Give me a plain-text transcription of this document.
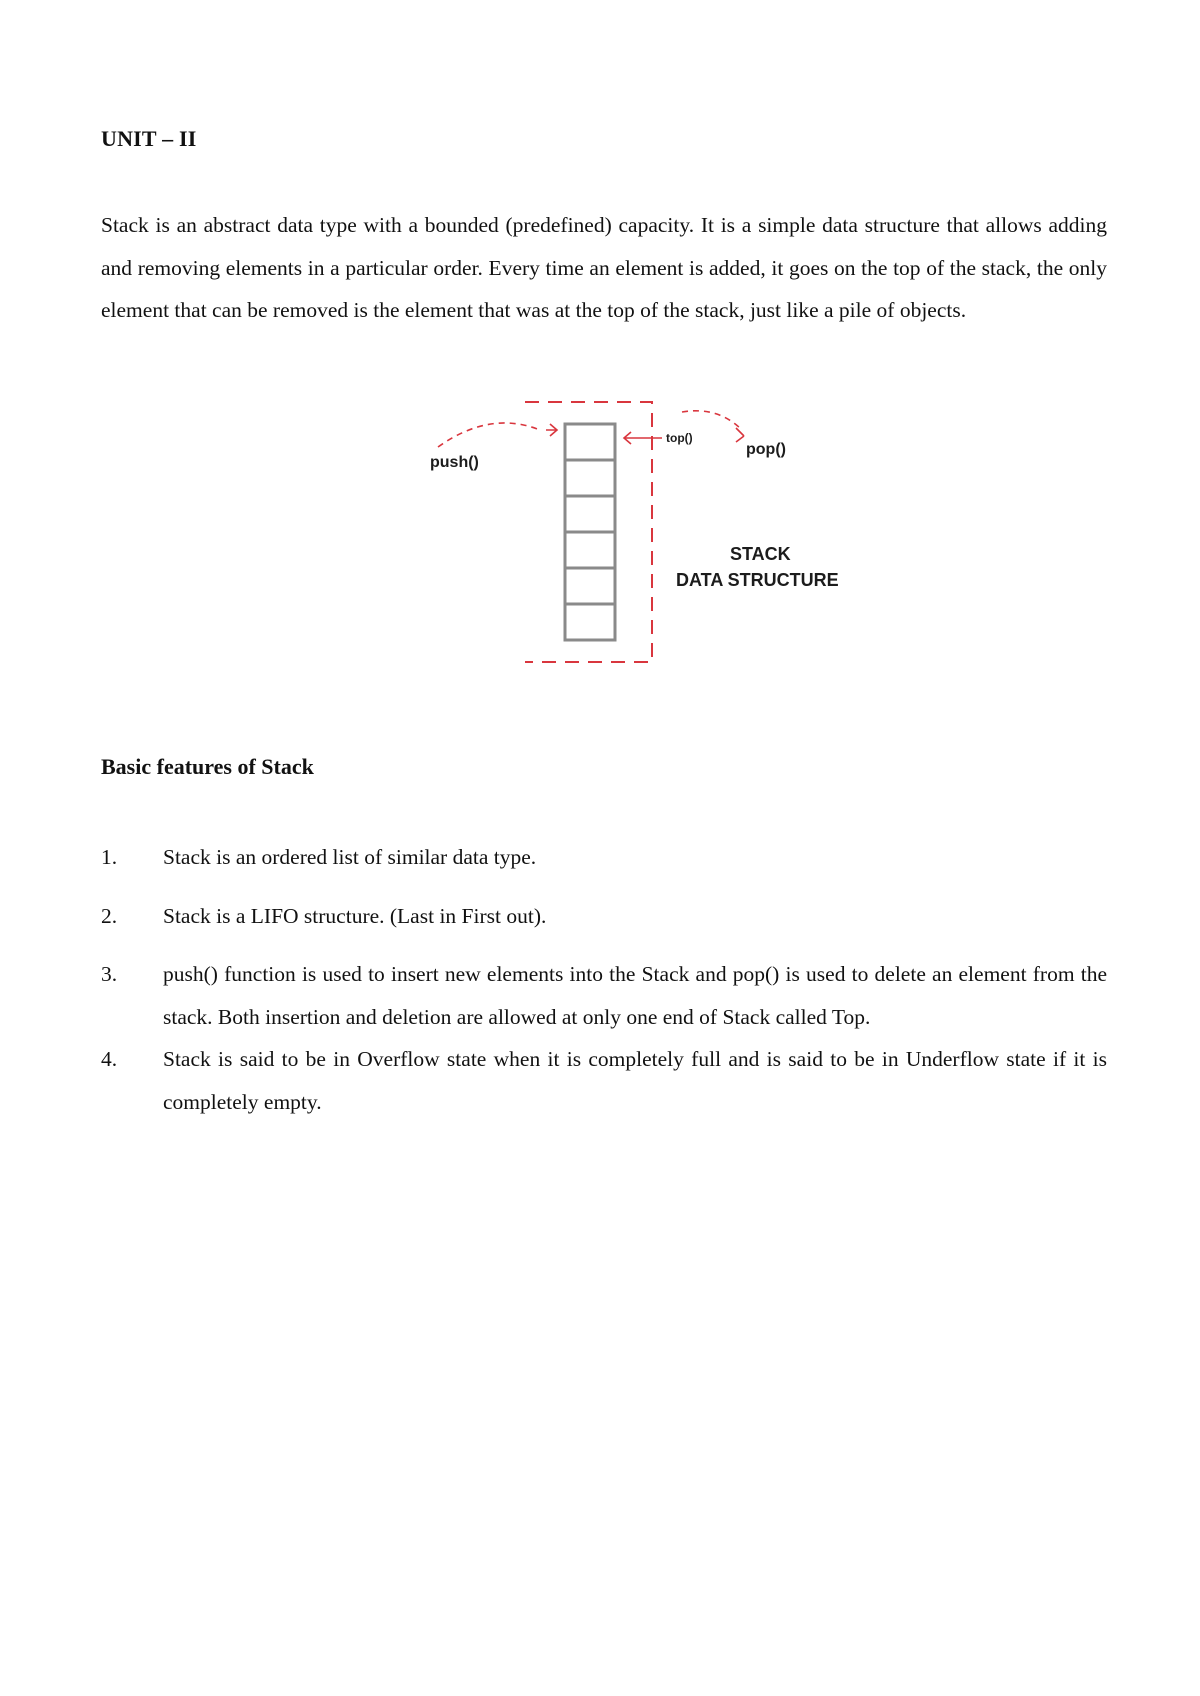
UNIT – II

Stack is an abstract data type with a bounded (predefined) capacity. It is a simple data structure that allows adding and removing elements in a particular order. Every time an element is added, it goes on the top of the stack, the only element that can be removed is the element that was at the top of the stack, just like a pile of objects.

push()
top()
pop()
STACK
DATA STRUCTURE
Basic features of Stack
1. Stack is an ordered list of similar data type.
2. Stack is a LIFO structure. (Last in First out).
3. push() function is used to insert new elements into the Stack and pop() is used to delete an element from the stack. Both insertion and deletion are allowed at only one end of Stack called Top.
4. Stack is said to be in Overflow state when it is completely full and is said to be in Underflow state if it is completely empty.
